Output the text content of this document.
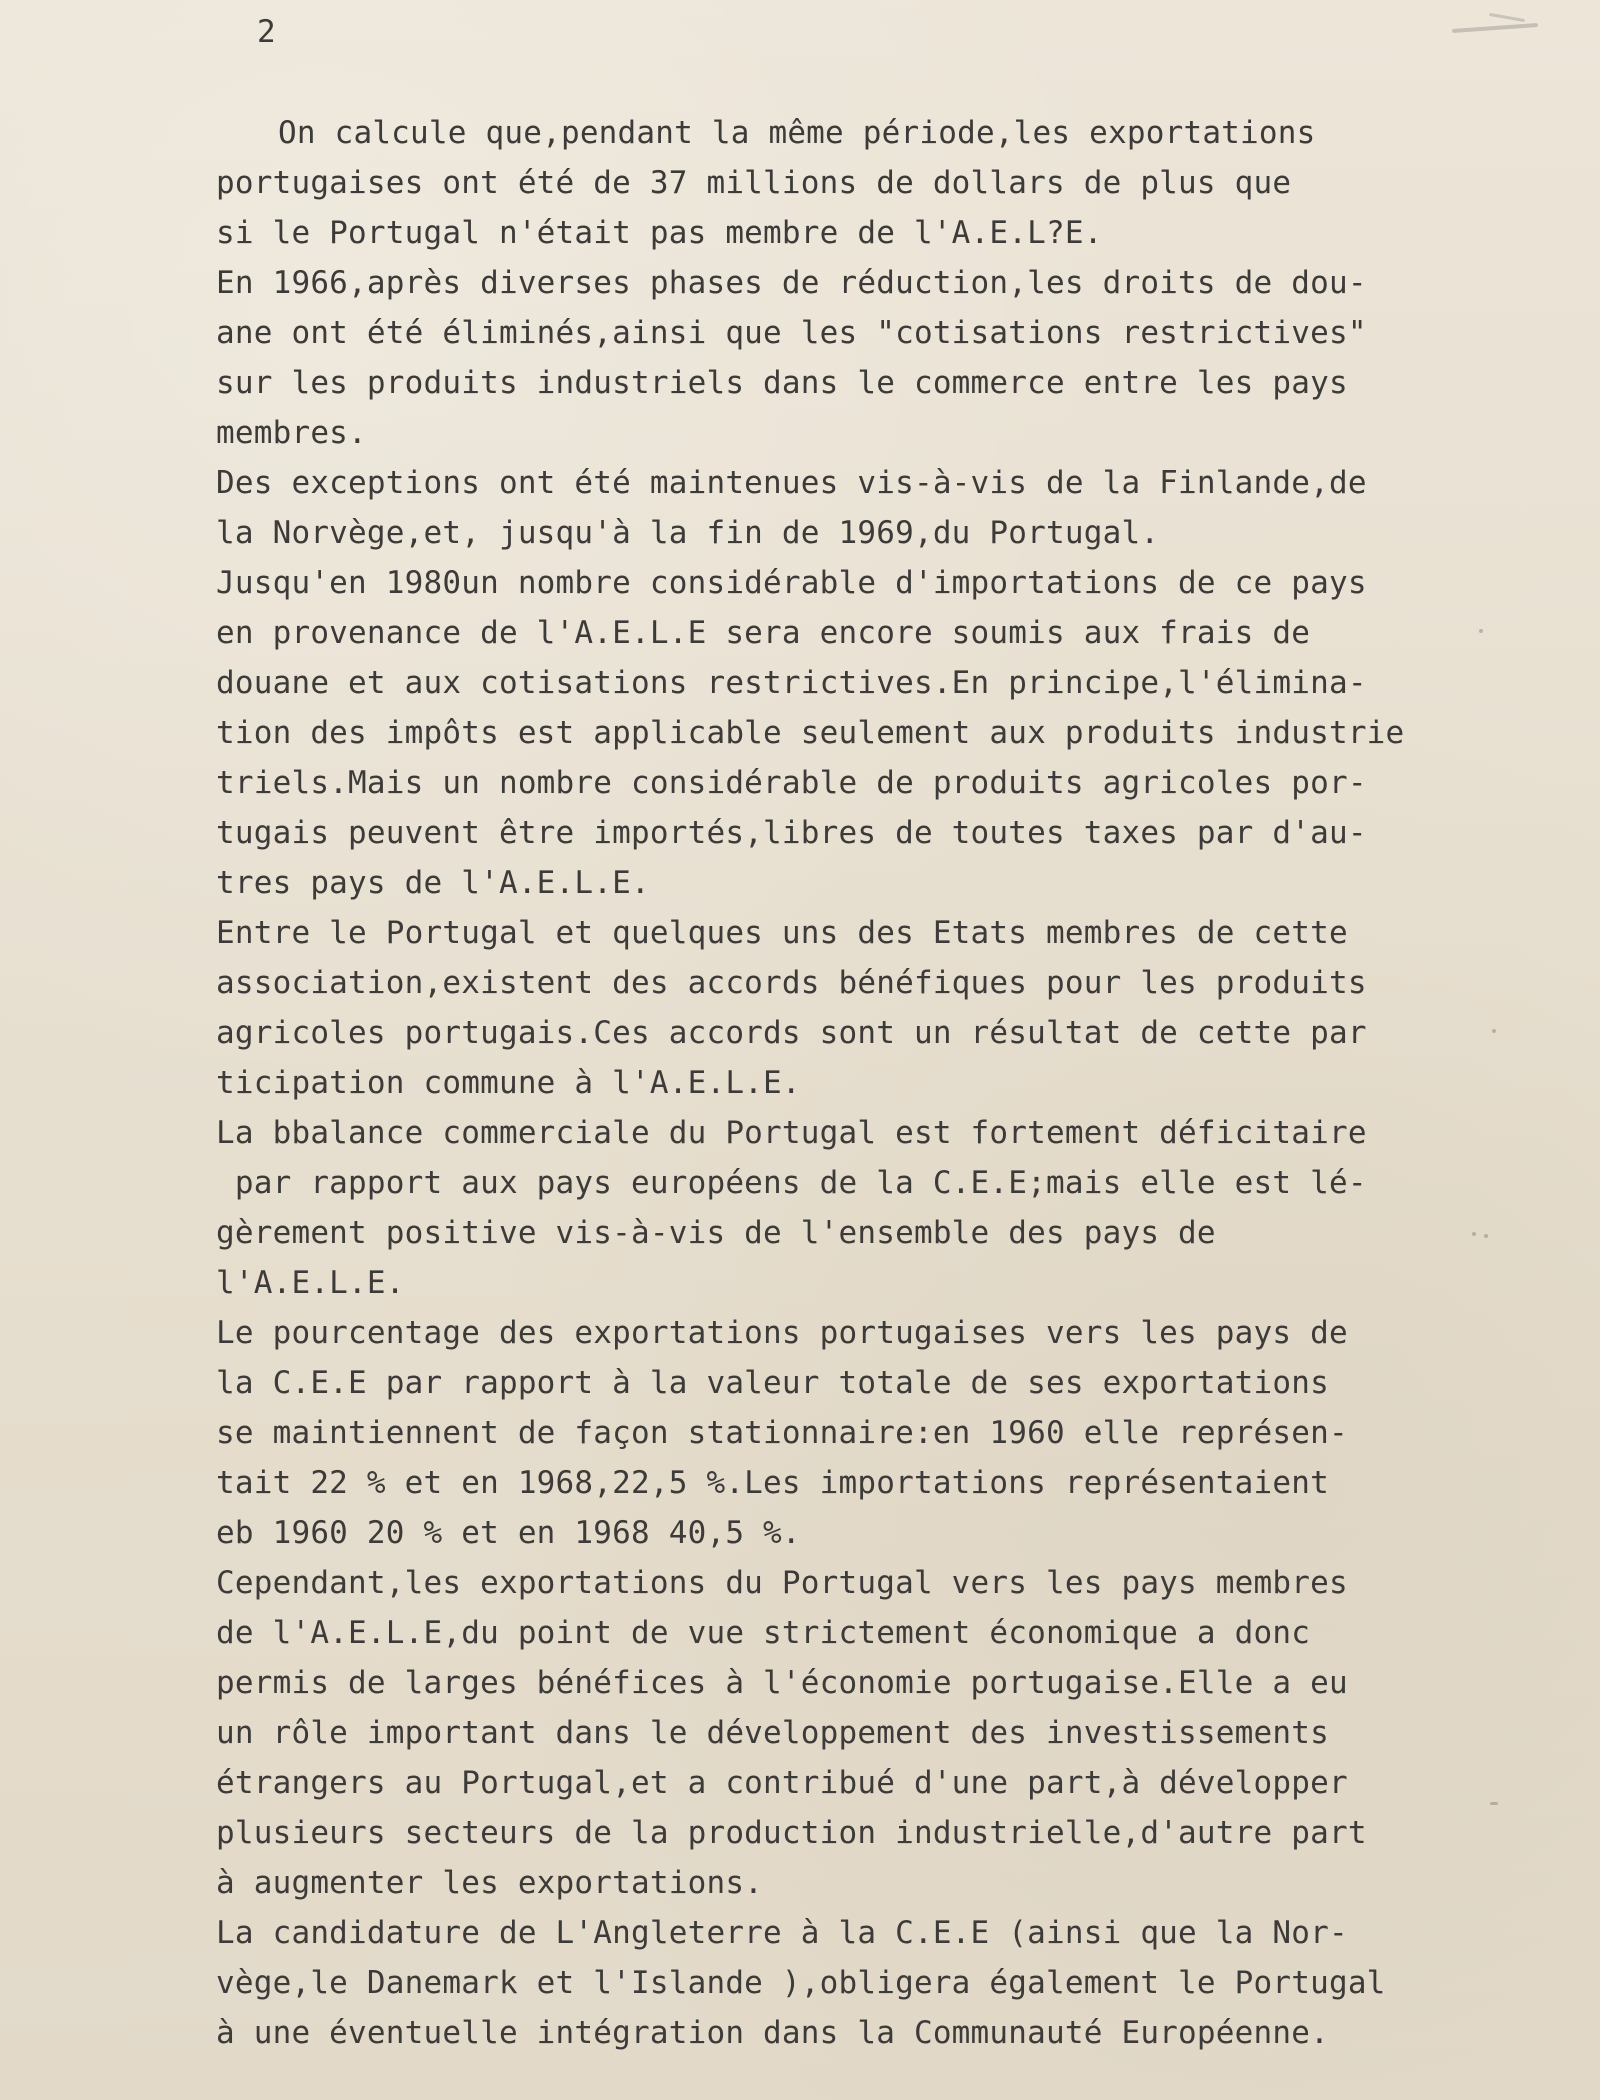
2
On calcule que,pendant la même période,les exportations
portugaises ont été de 37 millions de dollars de plus que
si le Portugal n'était pas membre de l'A.E.L?E.
En 1966,après diverses phases de réduction,les droits de dou-
ane ont été éliminés,ainsi que les "cotisations restrictives"
sur les produits industriels dans le commerce entre les pays
membres.
Des exceptions ont été maintenues vis-à-vis de la Finlande,de
la Norvège,et, jusqu'à la fin de 1969,du Portugal.
Jusqu'en 1980un nombre considérable d'importations de ce pays
en provenance de l'A.E.L.E sera encore soumis aux frais de
douane et aux cotisations restrictives.En principe,l'élimina-
tion des impôts est applicable seulement aux produits industrie
triels.Mais un nombre considérable de produits agricoles por-
tugais peuvent être importés,libres de toutes taxes par d'au-
tres pays de l'A.E.L.E.
Entre le Portugal et quelques uns des Etats membres de cette
association,existent des accords bénéfiques pour les produits
agricoles portugais.Ces accords sont un résultat de cette par
ticipation commune à l'A.E.L.E.
La bbalance commerciale du Portugal est fortement déficitaire
par rapport aux pays européens de la C.E.E;mais elle est lé-
gèrement positive vis-à-vis de l'ensemble des pays de
l'A.E.L.E.
Le pourcentage des exportations portugaises vers les pays de
la C.E.E par rapport à la valeur totale de ses exportations
se maintiennent de façon stationnaire:en 1960 elle représen-
tait 22 % et en 1968,22,5 %.Les importations représentaient
eb 1960 20 % et en 1968 40,5 %.
Cependant,les exportations du Portugal vers les pays membres
de l'A.E.L.E,du point de vue strictement économique a donc
permis de larges bénéfices à l'économie portugaise.Elle a eu
un rôle important dans le développement des investissements
étrangers au Portugal,et a contribué d'une part,à développer
plusieurs secteurs de la production industrielle,d'autre part
à augmenter les exportations.
La candidature de L'Angleterre à la C.E.E (ainsi que la Nor-
vège,le Danemark et l'Islande ),obligera également le Portugal
à une éventuelle intégration dans la Communauté Européenne.
